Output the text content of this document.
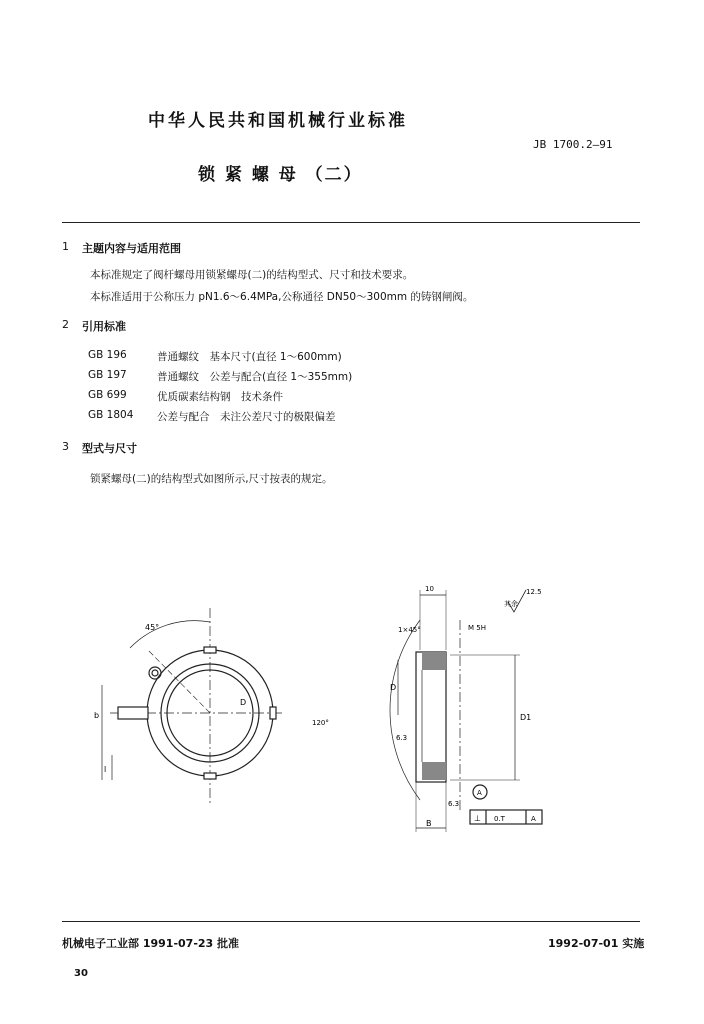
中华人民共和国机械行业标准
JB 1700.2—91
锁 紧 螺 母 （二）
1 主题内容与适用范围
本标准规定了阀杆螺母用锁紧螺母(二)的结构型式、尺寸和技术要求。
本标准适用于公称压力 pN1.6～6.4MPa,公称通径 DN50～300mm 的铸钢闸阀。
2 引用标准
GB 196	普通螺纹　基本尺寸(直径 1～600mm)
GB 197	普通螺纹　公差与配合(直径 1～355mm)
GB 699	优质碳素结构钢　技术条件
GB 1804 公差与配合　未注公差尺寸的极限偏差
3 型式与尺寸
锁紧螺母(二)的结构型式如图所示,尺寸按表的规定。
45°
b
l
D
10	12.5
其余
1×45°	M 5H
120°
6.3
D
D1
B
A
⊥ 0.T	A
6.3
机械电子工业部 1991-07-23 批准	1992-07-01 实施
30
